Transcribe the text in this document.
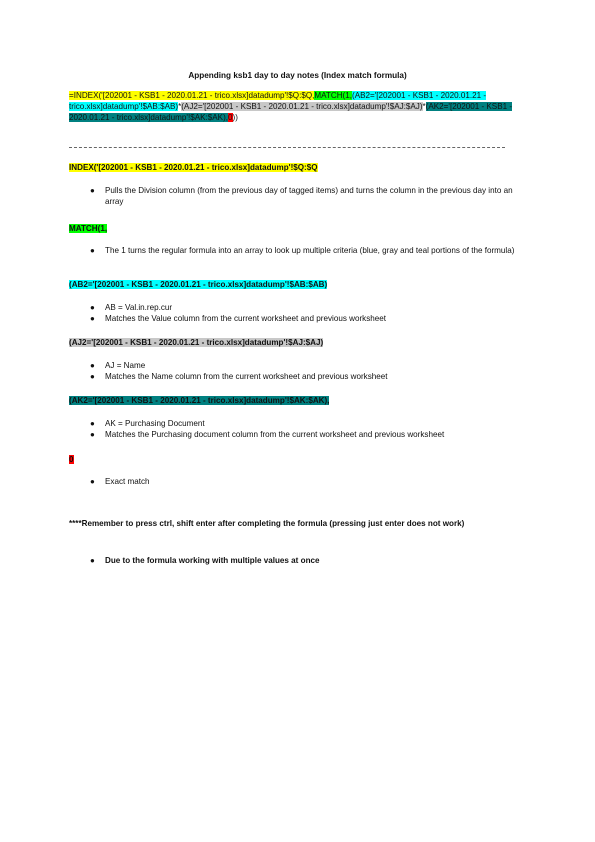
Appending ksb1 day to day notes (Index match formula)
=INDEX('[202001 - KSB1 - 2020.01.21 - trico.xlsx]datadump'!$Q:$Q,MATCH(1,(AB2='[202001 - KSB1 - 2020.01.21 - trico.xlsx]datadump'!$AB:$AB)*(AJ2='[202001 - KSB1 - 2020.01.21 - trico.xlsx]datadump'!$AJ:$AJ)*(AK2='[202001 - KSB1 - 2020.01.21 - trico.xlsx]datadump'!$AK:$AK),0))
INDEX('[202001 - KSB1 - 2020.01.21 - trico.xlsx]datadump'!$Q:$Q
● Pulls the Division column (from the previous day of tagged items) and turns the column in the previous day into an array
MATCH(1,
● The 1 turns the regular formula into an array to look up multiple criteria (blue, gray and teal portions of the formula)
(AB2='[202001 - KSB1 - 2020.01.21 - trico.xlsx]datadump'!$AB:$AB)
● AB = Val.in.rep.cur
● Matches the Value column from the current worksheet and previous worksheet
(AJ2='[202001 - KSB1 - 2020.01.21 - trico.xlsx]datadump'!$AJ:$AJ)
● AJ = Name
● Matches the Name column from the current worksheet and previous worksheet
(AK2='[202001 - KSB1 - 2020.01.21 - trico.xlsx]datadump'!$AK:$AK),
● AK = Purchasing Document
● Matches the Purchasing document column from the current worksheet and previous worksheet
0
● Exact match
****Remember to press ctrl, shift enter after completing the formula (pressing just enter does not work)
● Due to the formula working with multiple values at once
